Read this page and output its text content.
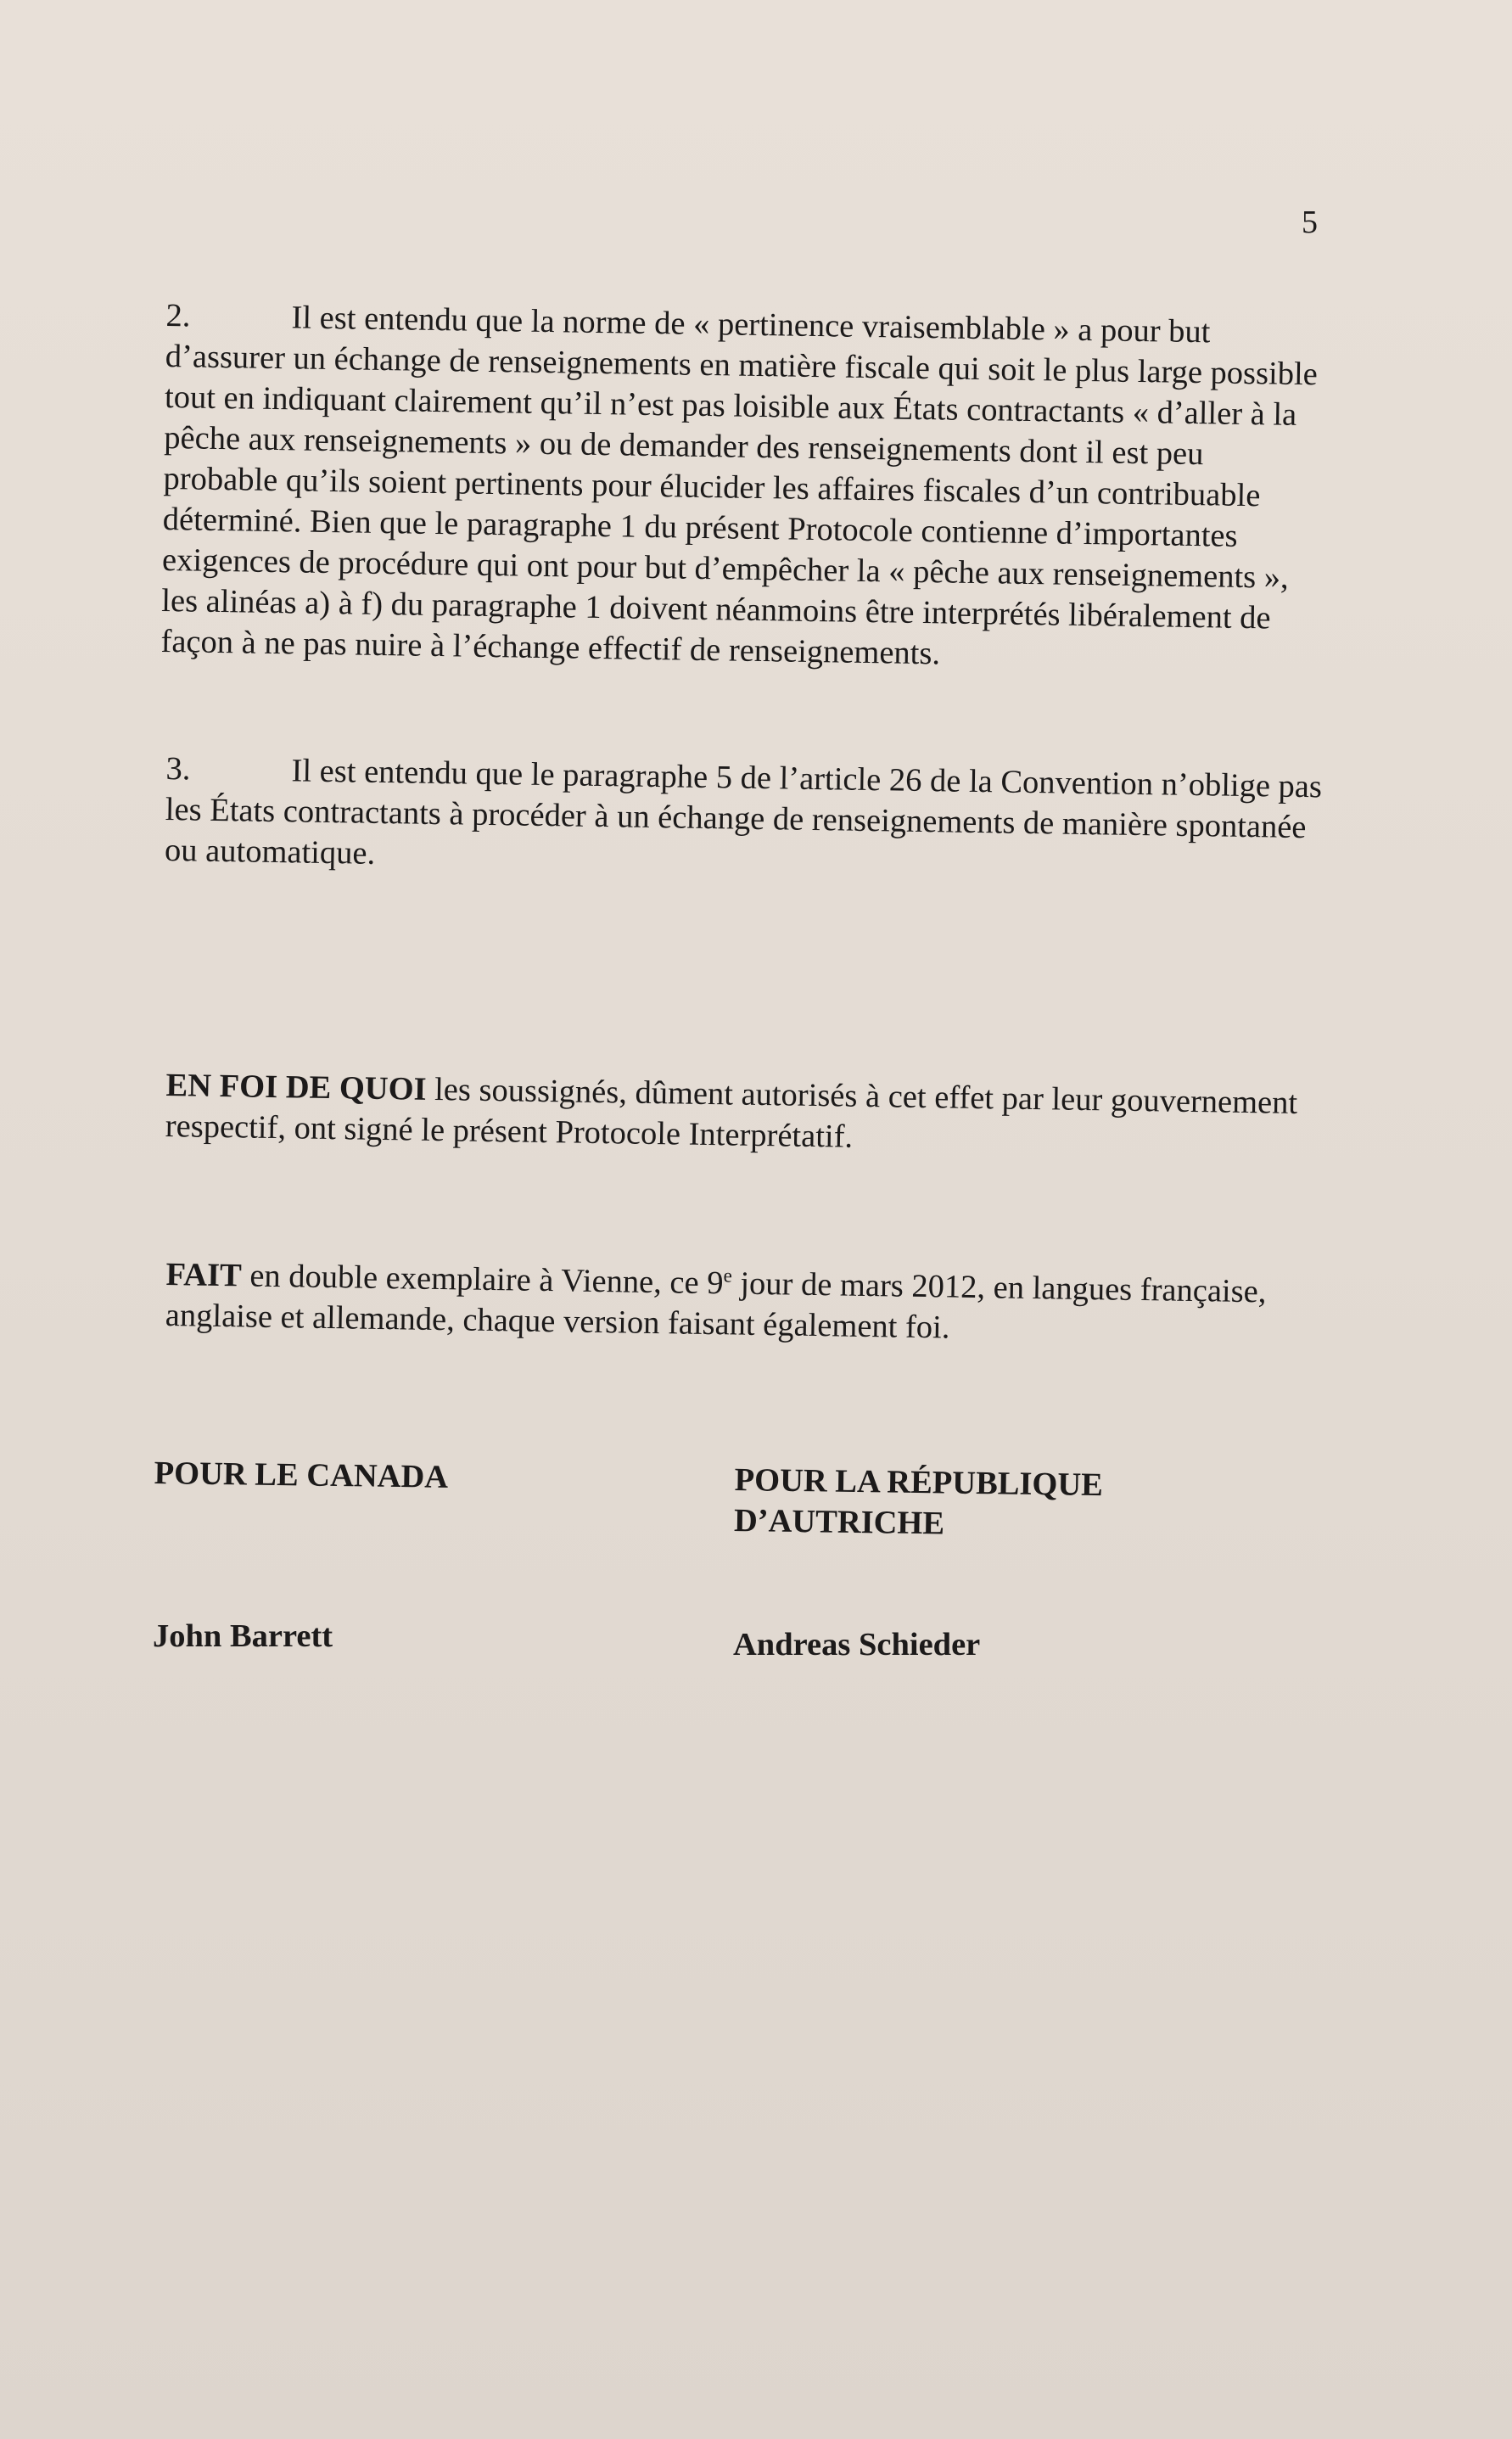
5

2.	Il est entendu que la norme de « pertinence vraisemblable » a pour but d’assurer un échange de renseignements en matière fiscale qui soit le plus large possible tout en indiquant clairement qu’il n’est pas loisible aux États contractants « d’aller à la pêche aux renseignements » ou de demander des renseignements dont il est peu probable qu’ils soient pertinents pour élucider les affaires fiscales d’un contribuable déterminé. Bien que le paragraphe 1 du présent Protocole contienne d’importantes exigences de procédure qui ont pour but d’empêcher la « pêche aux renseignements », les alinéas a) à f) du paragraphe 1 doivent néanmoins être interprétés libéralement de façon à ne pas nuire à l’échange effectif de renseignements.

3.	Il est entendu que le paragraphe 5 de l’article 26 de la Convention n’oblige pas les États contractants à procéder à un échange de renseignements de manière spontanée ou automatique.

EN FOI DE QUOI les soussignés, dûment autorisés à cet effet par leur gouvernement respectif, ont signé le présent Protocole Interprétatif.

FAIT en double exemplaire à Vienne, ce 9e jour de mars 2012, en langues française, anglaise et allemande, chaque version faisant également foi.

POUR LE CANADA	POUR LA RÉPUBLIQUE
D’AUTRICHE
John Barrett	Andreas Schieder
